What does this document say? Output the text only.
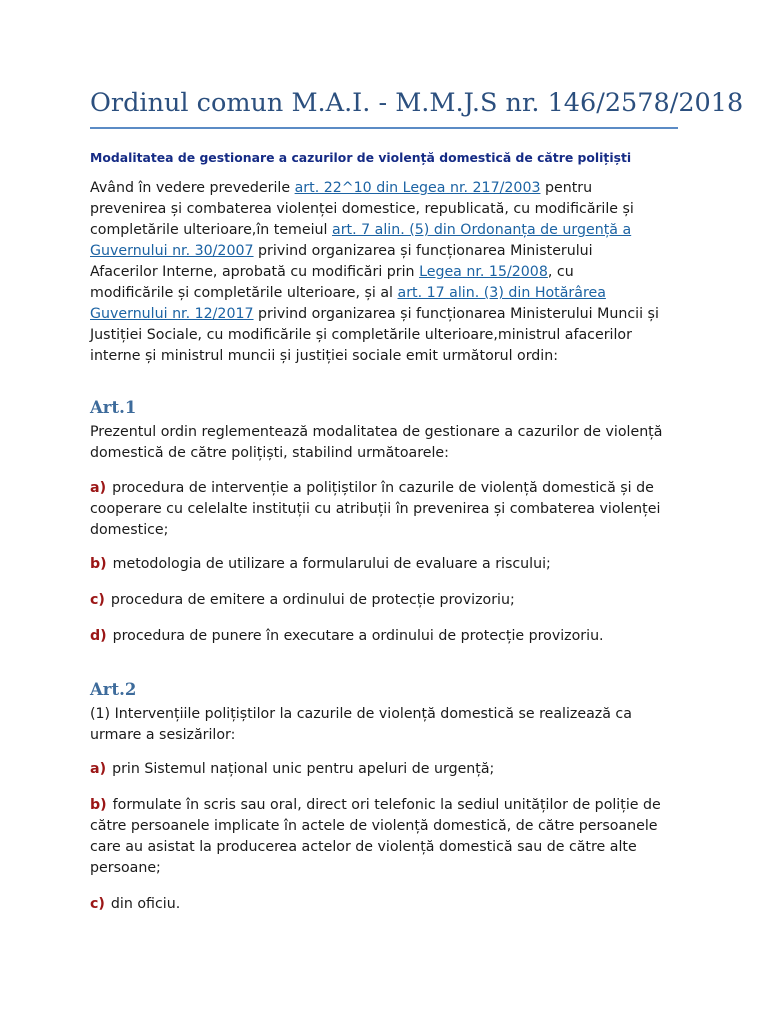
Ordinul comun M.A.I. - M.M.J.S nr. 146/2578/2018
Modalitatea de gestionare a cazurilor de violență domestică de către polițiști

Având în vedere prevederile art. 22^10 din Legea nr. 217/2003 pentru
prevenirea și combaterea violenței domestice, republicată, cu modificările și
completările ulterioare,în temeiul art. 7 alin. (5) din Ordonanța de urgență a
Guvernului nr. 30/2007 privind organizarea și funcționarea Ministerului
Afacerilor Interne, aprobată cu modificări prin Legea nr. 15/2008, cu
modificările și completările ulterioare, și al art. 17 alin. (3) din Hotărârea
Guvernului nr. 12/2017 privind organizarea și funcționarea Ministerului Muncii și
Justiției Sociale, cu modificările și completările ulterioare,ministrul afacerilor
interne și ministrul muncii și justiției sociale emit următorul ordin:

Art.1

Prezentul ordin reglementează modalitatea de gestionare a cazurilor de violență
domestică de către polițiști, stabilind următoarele:

a) procedura de intervenție a polițiștilor în cazurile de violență domestică și de
cooperare cu celelalte instituții cu atribuții în prevenirea și combaterea violenței
domestice;

b) metodologia de utilizare a formularului de evaluare a riscului;

c) procedura de emitere a ordinului de protecție provizoriu;

d) procedura de punere în executare a ordinului de protecție provizoriu.

Art.2

(1) Intervențiile polițiștilor la cazurile de violență domestică se realizează ca
urmare a sesizărilor:

a) prin Sistemul național unic pentru apeluri de urgență;

b) formulate în scris sau oral, direct ori telefonic la sediul unităților de poliție de
către persoanele implicate în actele de violență domestică, de către persoanele
care au asistat la producerea actelor de violență domestică sau de către alte
persoane;

c) din oficiu.
